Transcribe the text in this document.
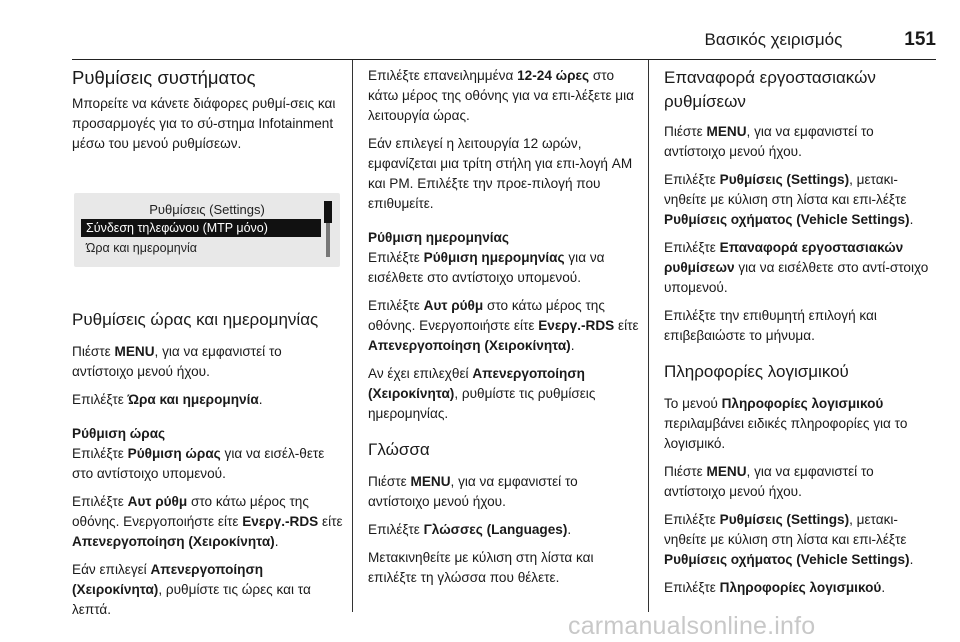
Βασικός χειρισμός	151
Ρυθμίσεις συστήματος

Μπορείτε να κάνετε διάφορες ρυθμί-σεις και προσαρμογές για το σύ-στημα Infotainment μέσω του μενού ρυθμίσεων.

Ρυθμίσεις ώρας και ημερομηνίας

Πιέστε MENU, για να εμφανιστεί το αντίστοιχο μενού ήχου.

Επιλέξτε Ώρα και ημερομηνία.

Ρύθμιση ώρας

Επιλέξτε Ρύθμιση ώρας για να εισέλ-θετε στο αντίστοιχο υπομενού.

Επιλέξτε Αυτ ρύθμ στο κάτω μέρος της οθόνης. Ενεργοποιήστε είτε Ενεργ.-RDS είτε Απενεργοποίηση (Χειροκίνητα).

Εάν επιλεγεί Απενεργοποίηση (Χειροκίνητα), ρυθμίστε τις ώρες και τα λεπτά.

Ρυθμίσεις (Settings)
Σύνδεση τηλεφώνου (MTP μόνο)
Ώρα και ημερομηνία

Επιλέξτε επανειλημμένα 12-24 ώρες στο κάτω μέρος της οθόνης για να επι-λέξετε μια λειτουργία ώρας.

Εάν επιλεγεί η λειτουργία 12 ωρών, εμφανίζεται μια τρίτη στήλη για επι-λογή AM και PM. Επιλέξτε την προε-πιλογή που επιθυμείτε.

Ρύθμιση ημερομηνίας

Επιλέξτε Ρύθμιση ημερομηνίας για να εισέλθετε στο αντίστοιχο υπομενού.

Επιλέξτε Αυτ ρύθμ στο κάτω μέρος της οθόνης. Ενεργοποιήστε είτε Ενεργ.-RDS είτε Απενεργοποίηση (Χειροκίνητα).

Αν έχει επιλεχθεί Απενεργοποίηση (Χειροκίνητα), ρυθμίστε τις ρυθμίσεις ημερομηνίας.

Γλώσσα

Πιέστε MENU, για να εμφανιστεί το αντίστοιχο μενού ήχου.

Επιλέξτε Γλώσσες (Languages).

Μετακινηθείτε με κύλιση στη λίστα και επιλέξτε τη γλώσσα που θέλετε.

Επαναφορά εργοστασιακών ρυθμίσεων

Πιέστε MENU, για να εμφανιστεί το αντίστοιχο μενού ήχου.

Επιλέξτε Ρυθμίσεις (Settings), μετακι-νηθείτε με κύλιση στη λίστα και επι-λέξτε Ρυθμίσεις οχήματος (Vehicle Settings).

Επιλέξτε Επαναφορά εργοστασιακών ρυθμίσεων για να εισέλθετε στο αντί-στοιχο υπομενού.

Επιλέξτε την επιθυμητή επιλογή και επιβεβαιώστε το μήνυμα.

Πληροφορίες λογισμικού

Το μενού Πληροφορίες λογισμικού περιλαμβάνει ειδικές πληροφορίες για το λογισμικό.

Πιέστε MENU, για να εμφανιστεί το αντίστοιχο μενού ήχου.

Επιλέξτε Ρυθμίσεις (Settings), μετακι-νηθείτε με κύλιση στη λίστα και επι-λέξτε Ρυθμίσεις οχήματος (Vehicle Settings).

Επιλέξτε Πληροφορίες λογισμικού.

carmanualsonline.info
